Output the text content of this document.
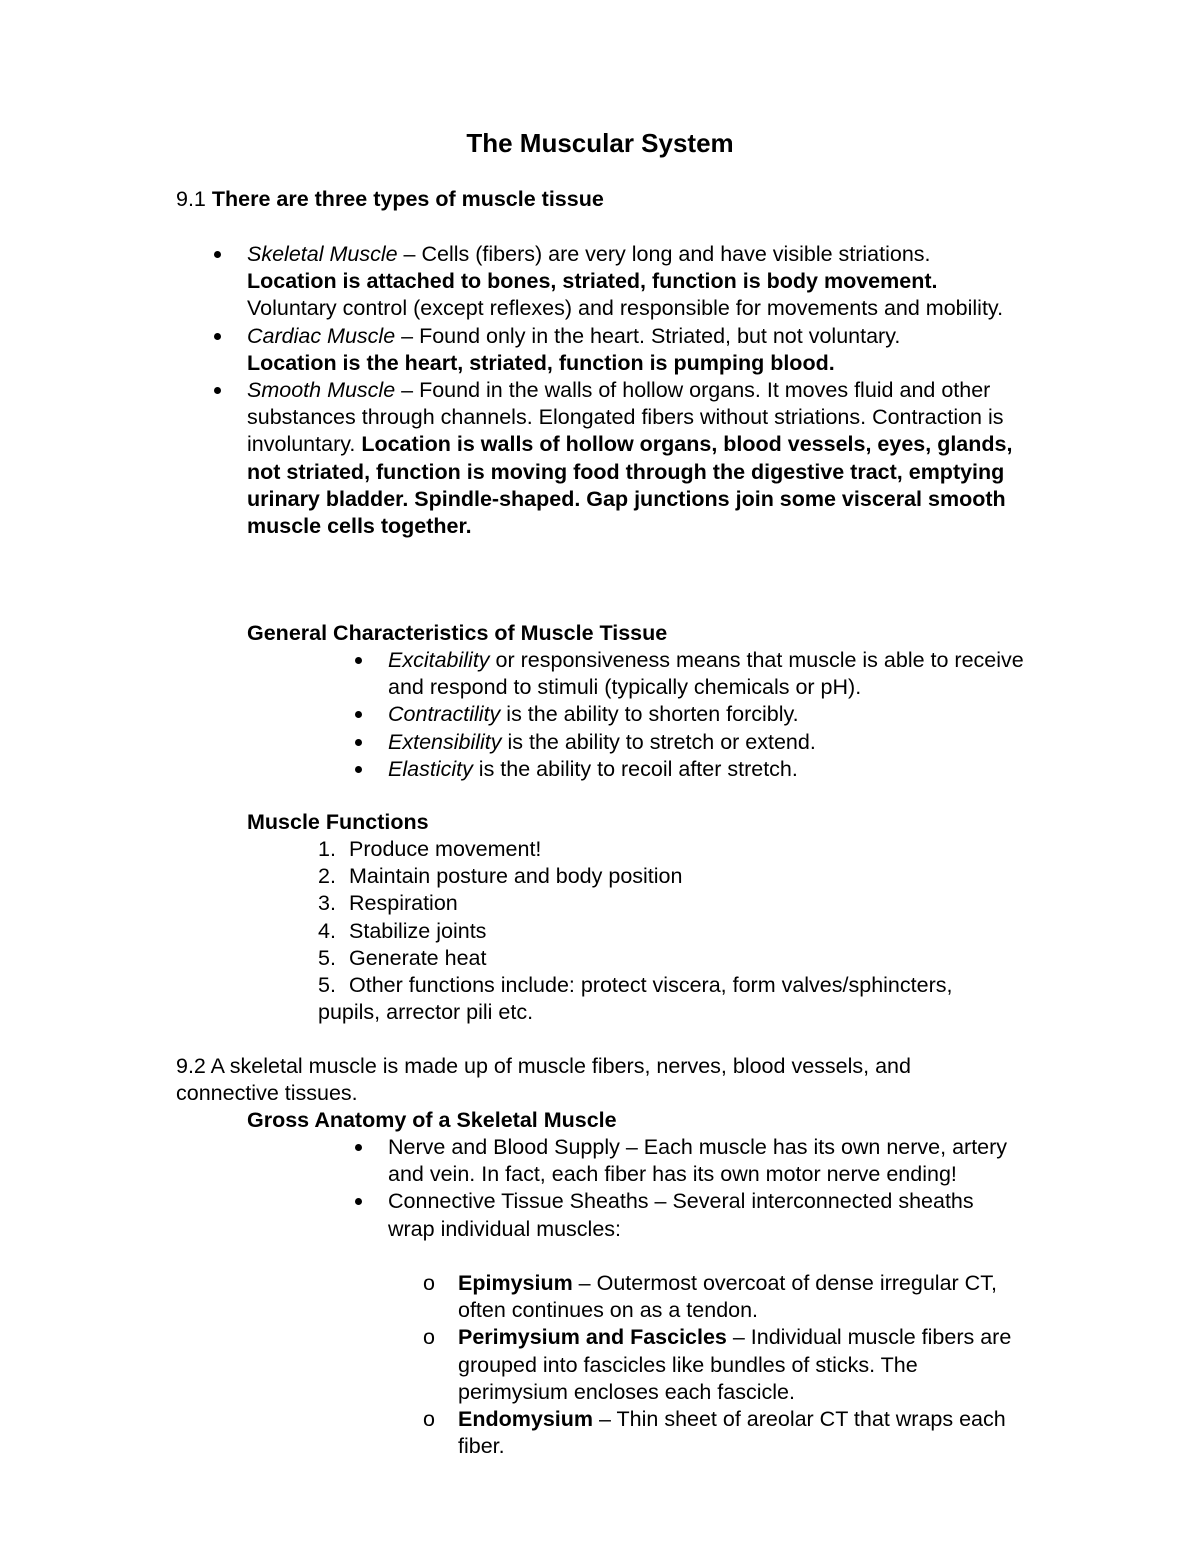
The Muscular System
9.1 There are three types of muscle tissue
Skeletal Muscle – Cells (fibers) are very long and have visible striations.
Location is attached to bones, striated, function is body movement. Voluntary control (except reflexes) and responsible for movements and mobility.
Cardiac Muscle – Found only in the heart. Striated, but not voluntary.
Location is the heart, striated, function is pumping blood.
Smooth Muscle – Found in the walls of hollow organs. It moves fluid and other substances through channels. Elongated fibers without striations. Contraction is involuntary. Location is walls of hollow organs, blood vessels, eyes, glands, not striated, function is moving food through the digestive tract, emptying urinary bladder. Spindle-shaped. Gap junctions join some visceral smooth muscle cells together.
General Characteristics of Muscle Tissue
Excitability or responsiveness means that muscle is able to receive and respond to stimuli (typically chemicals or pH).
Contractility is the ability to shorten forcibly.
Extensibility is the ability to stretch or extend.
Elasticity is the ability to recoil after stretch.
Muscle Functions
1. Produce movement!
2. Maintain posture and body position
3. Respiration
4. Stabilize joints
5. Generate heat
5. Other functions include: protect viscera, form valves/sphincters,
pupils, arrector pili etc.
9.2 A skeletal muscle is made up of muscle fibers, nerves, blood vessels, and connective tissues.
Gross Anatomy of a Skeletal Muscle
Nerve and Blood Supply – Each muscle has its own nerve, artery and vein. In fact, each fiber has its own motor nerve ending!
Connective Tissue Sheaths – Several interconnected sheaths wrap individual muscles:
o Epimysium – Outermost overcoat of dense irregular CT, often continues on as a tendon.
o Perimysium and Fascicles – Individual muscle fibers are grouped into fascicles like bundles of sticks. The perimysium encloses each fascicle.
o Endomysium – Thin sheet of areolar CT that wraps each fiber.
